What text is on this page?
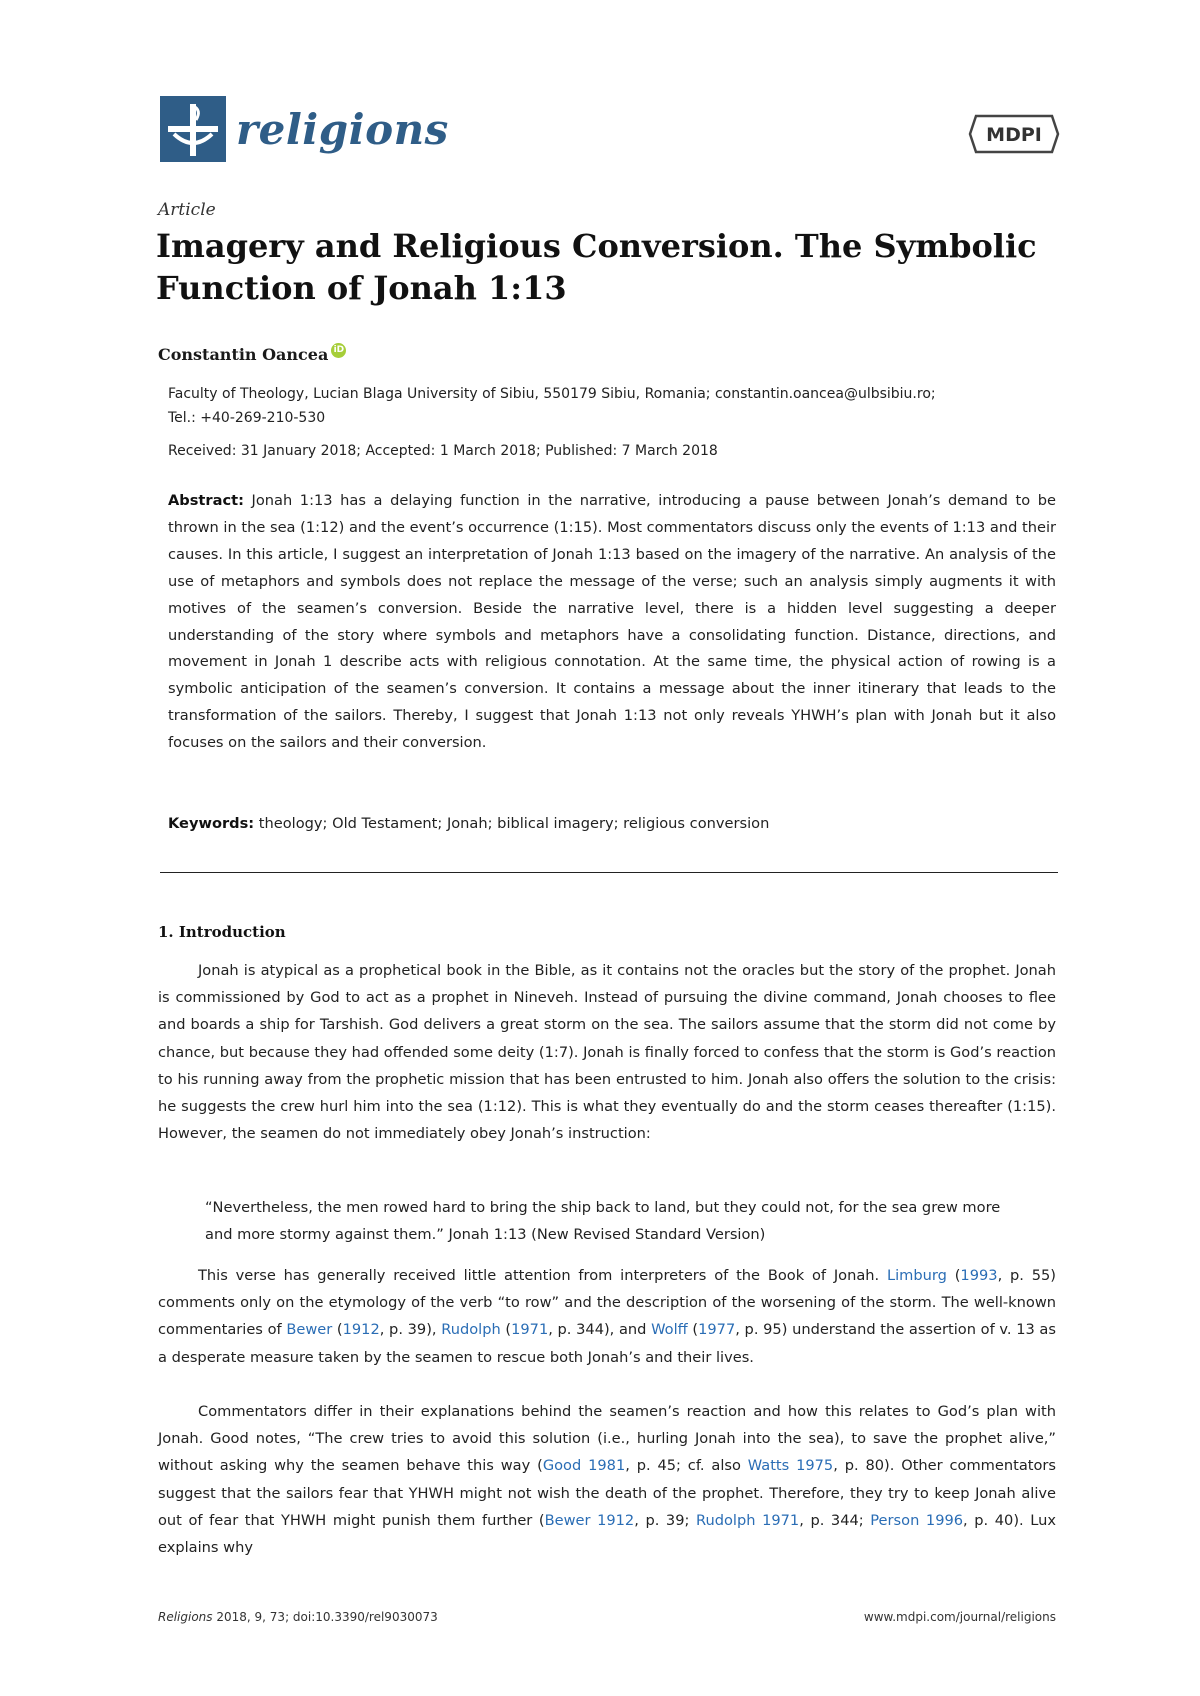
religions	MDPI
Article
Imagery and Religious Conversion. The Symbolic Function of Jonah 1:13
Constantin Oancea iD
Faculty of Theology, Lucian Blaga University of Sibiu, 550179 Sibiu, Romania; constantin.oancea@ulbsibiu.ro;
Tel.: +40-269-210-530
Received: 31 January 2018; Accepted: 1 March 2018; Published: 7 March 2018
Abstract: Jonah 1:13 has a delaying function in the narrative, introducing a pause between Jonah’s demand to be thrown in the sea (1:12) and the event’s occurrence (1:15). Most commentators discuss only the events of 1:13 and their causes. In this article, I suggest an interpretation of Jonah 1:13 based on the imagery of the narrative. An analysis of the use of metaphors and symbols does not replace the message of the verse; such an analysis simply augments it with motives of the seamen’s conversion. Beside the narrative level, there is a hidden level suggesting a deeper understanding of the story where symbols and metaphors have a consolidating function. Distance, directions, and movement in Jonah 1 describe acts with religious connotation. At the same time, the physical action of rowing is a symbolic anticipation of the seamen’s conversion. It contains a message about the inner itinerary that leads to the transformation of the sailors. Thereby, I suggest that Jonah 1:13 not only reveals YHWH’s plan with Jonah but it also focuses on the sailors and their conversion.
Keywords: theology; Old Testament; Jonah; biblical imagery; religious conversion
1. Introduction
Jonah is atypical as a prophetical book in the Bible, as it contains not the oracles but the story of the prophet. Jonah is commissioned by God to act as a prophet in Nineveh. Instead of pursuing the divine command, Jonah chooses to flee and boards a ship for Tarshish. God delivers a great storm on the sea. The sailors assume that the storm did not come by chance, but because they had offended some deity (1:7). Jonah is finally forced to confess that the storm is God’s reaction to his running away from the prophetic mission that has been entrusted to him. Jonah also offers the solution to the crisis: he suggests the crew hurl him into the sea (1:12). This is what they eventually do and the storm ceases thereafter (1:15). However, the seamen do not immediately obey Jonah’s instruction:
“Nevertheless, the men rowed hard to bring the ship back to land, but they could not, for the sea grew more and more stormy against them.” Jonah 1:13 (New Revised Standard Version)
This verse has generally received little attention from interpreters of the Book of Jonah. Limburg (1993, p. 55) comments only on the etymology of the verb “to row” and the description of the worsening of the storm. The well-known commentaries of Bewer (1912, p. 39), Rudolph (1971, p. 344), and Wolff (1977, p. 95) understand the assertion of v. 13 as a desperate measure taken by the seamen to rescue both Jonah’s and their lives.
Commentators differ in their explanations behind the seamen’s reaction and how this relates to God’s plan with Jonah. Good notes, “The crew tries to avoid this solution (i.e., hurling Jonah into the sea), to save the prophet alive,” without asking why the seamen behave this way (Good 1981, p. 45; cf. also Watts 1975, p. 80). Other commentators suggest that the sailors fear that YHWH might not wish the death of the prophet. Therefore, they try to keep Jonah alive out of fear that YHWH might punish them further (Bewer 1912, p. 39; Rudolph 1971, p. 344; Person 1996, p. 40). Lux explains why
Religions 2018, 9, 73; doi:10.3390/rel9030073	www.mdpi.com/journal/religions
